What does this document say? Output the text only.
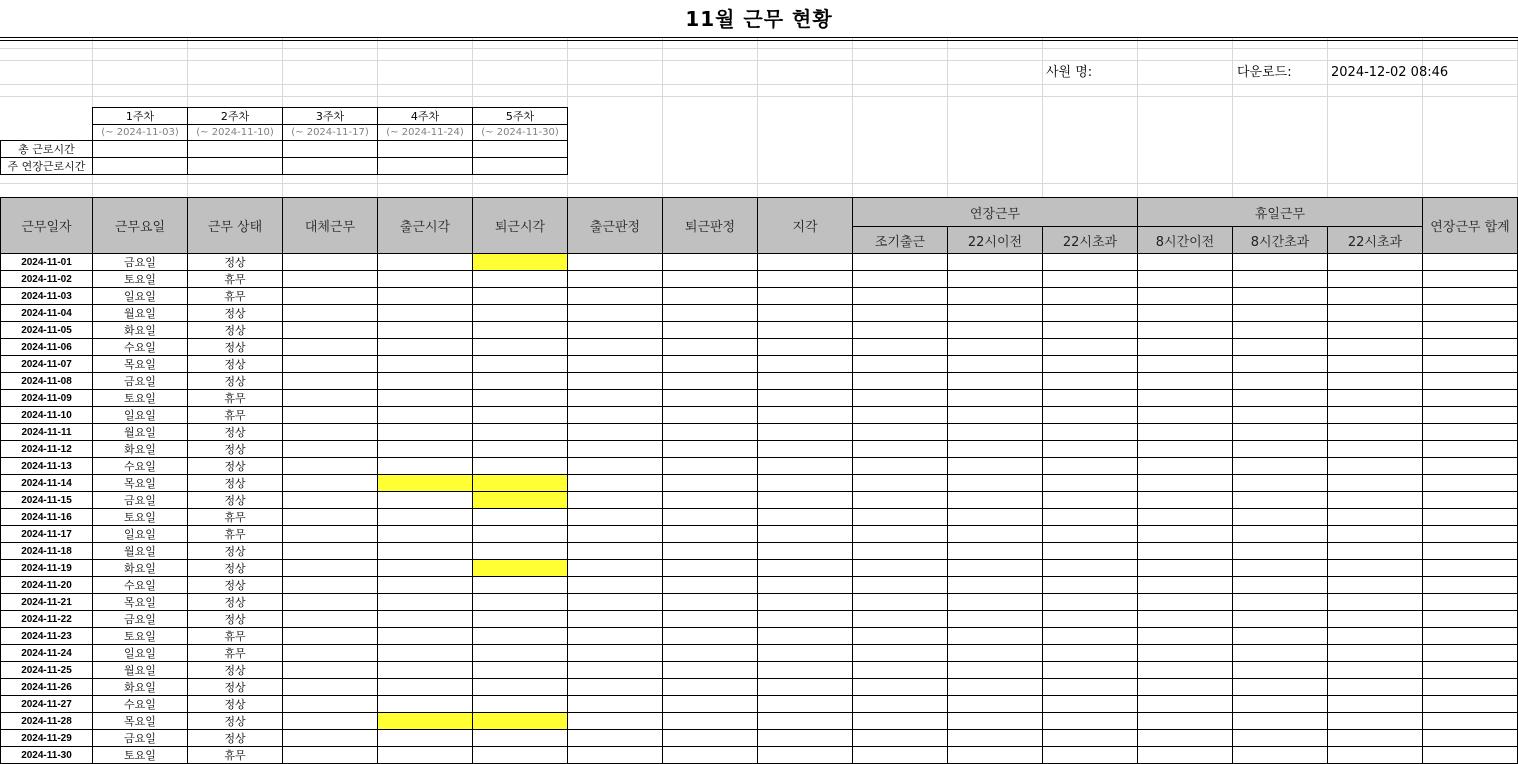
11월 근무 현황
사원 명:	다운로드:	2024-12-02 08:46
	1주차	2주차	3주차	4주차	5주차
	(~ 2024-11-03)	(~ 2024-11-10)	(~ 2024-11-17)	(~ 2024-11-24)	(~ 2024-11-30)
총 근로시간					
주 연장근로시간					
근무일자	근무요일	근무 상태	대체근무	출근시각	퇴근시각	출근판정	퇴근판정	지각	연장근무			휴일근무			연장근무 합계
									조기출근	22시이전	22시초과	8시간이전	8시간초과	22시초과	
2024-11-01	금요일	정상													
2024-11-02	토요일	휴무													
2024-11-03	일요일	휴무													
2024-11-04	월요일	정상													
2024-11-05	화요일	정상													
2024-11-06	수요일	정상													
2024-11-07	목요일	정상													
2024-11-08	금요일	정상													
2024-11-09	토요일	휴무													
2024-11-10	일요일	휴무													
2024-11-11	월요일	정상													
2024-11-12	화요일	정상													
2024-11-13	수요일	정상													
2024-11-14	목요일	정상													
2024-11-15	금요일	정상													
2024-11-16	토요일	휴무													
2024-11-17	일요일	휴무													
2024-11-18	월요일	정상													
2024-11-19	화요일	정상													
2024-11-20	수요일	정상													
2024-11-21	목요일	정상													
2024-11-22	금요일	정상													
2024-11-23	토요일	휴무													
2024-11-24	일요일	휴무													
2024-11-25	월요일	정상													
2024-11-26	화요일	정상													
2024-11-27	수요일	정상													
2024-11-28	목요일	정상													
2024-11-29	금요일	정상													
2024-11-30	토요일	휴무													
